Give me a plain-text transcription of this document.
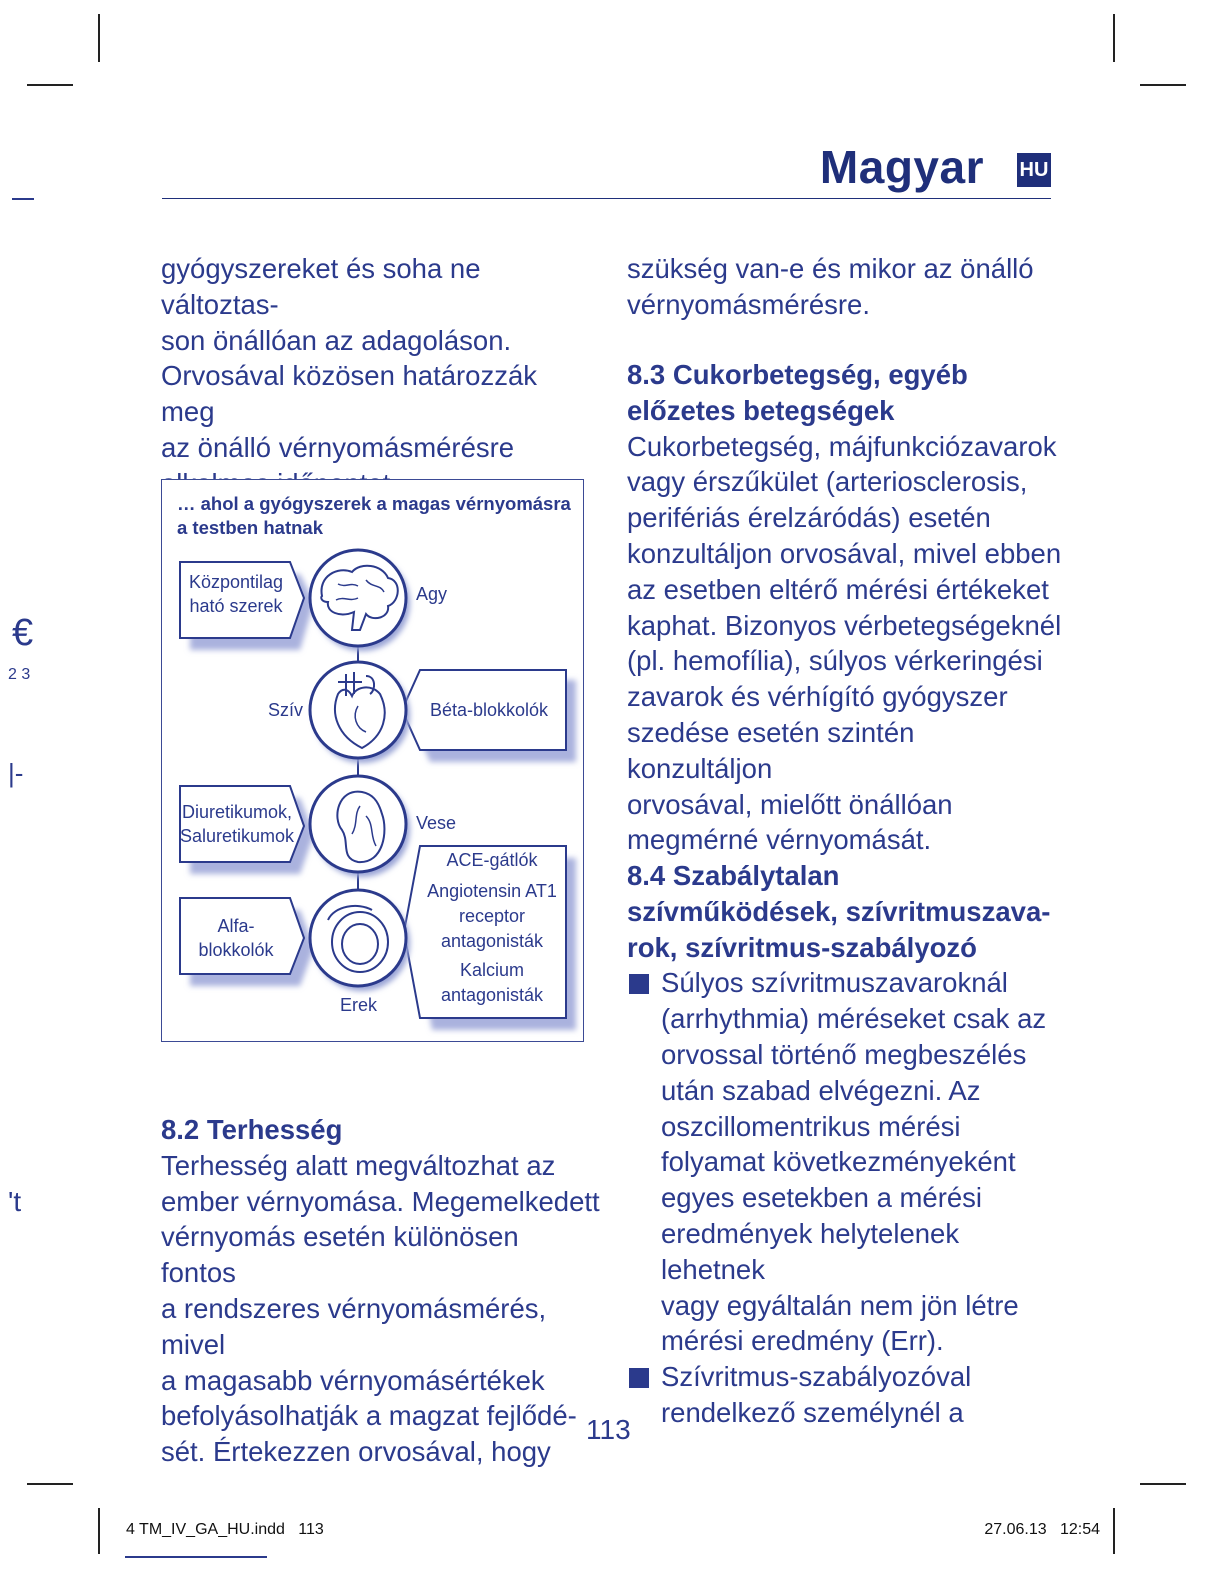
€
2 3
|-
't
Magyar HU

gyógyszereket és soha ne változtas-

son önállóan az adagoláson.

Orvosával közösen határozzák meg

az önálló vérnyomásmérésre

… ahol a gyógyszerek a magas vérnyomásra
a testben hatnak
Központilag
ható szerek
Agy
Szív	Béta-blokkolók
Diuretikumok,
Saluretikumok
Vese
ACE-gátlók
Angiotensin AT1
receptor
antagonisták
Kalcium
antagonisták
Alfa-
blokkolók
Erek

8.2 Terhesség

Terhesség alatt megváltozhat az

ember vérnyomása. Megemelkedett

vérnyomás esetén különösen fontos

a rendszeres vérnyomásmérés, mivel

a magasabb vérnyomásértékek

befolyásolhatják a magzat fejlődé-

sét. Értekezzen orvosával, hogy

szükség van-e és mikor az önálló

vérnyomásmérésre.

8.3 Cukorbetegség, egyéb

előzetes betegségek

Cukorbetegség, májfunkciózavarok

vagy érszűkület (arteriosclerosis,

perifériás érelzáródás) esetén

konzultáljon orvosával, mivel ebben

az esetben eltérő mérési értékeket

kaphat. Bizonyos vérbetegségeknél

(pl. hemofília), súlyos vérkeringési

zavarok és vérhígító gyógyszer

szedése esetén szintén konzultáljon

orvosával, mielőtt önállóan

megmérné vérnyomását.

8.4 Szabálytalan

szívműködések, szívritmuszava-

rok, szívritmus-szabályozó

Súlyos szívritmuszavaroknál

(arrhythmia) méréseket csak az

orvossal történő megbeszélés

után szabad elvégezni. Az

oszcillomentrikus mérési

folyamat következményeként

egyes esetekben a mérési

eredmények helytelenek lehetnek

vagy egyáltalán nem jön létre

mérési eredmény (Err).

Szívritmus-szabályozóval

rendelkező személynél a

113
4 TM_IV_GA_HU.indd   113	27.06.13   12:54
